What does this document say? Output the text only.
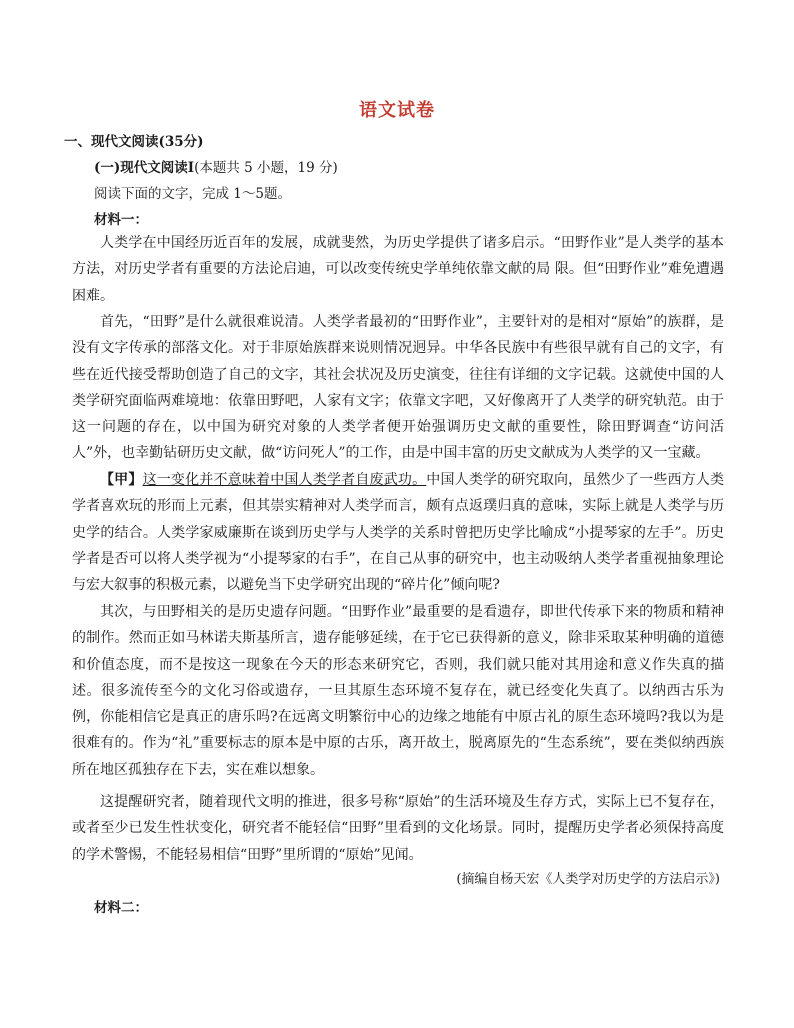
语文试卷
一、现代文阅读(35分)
(一)现代文阅读Ⅰ(本题共 5 小题，19 分)
阅读下面的文字，完成 1～5题。
材料一：

人类学在中国经历近百年的发展，成就斐然，为历史学提供了诸多启示。“田野作业”是人类学的基本方法，对历史学者有重要的方法论启迪，可以改变传统史学单纯依靠文献的局 限。但“田野作业”难免遭遇困难。

首先，“田野”是什么就很难说清。人类学者最初的“田野作业”，主要针对的是相对“原始”的族群，是没有文字传承的部落文化。对于非原始族群来说则情况迥异。中华各民族中有些很早就有自己的文字，有些在近代接受帮助创造了自己的文字，其社会状况及历史演变，往往有详细的文字记载。这就使中国的人类学研究面临两难境地：依靠田野吧，人家有文字；依靠文字吧，又好像离开了人类学的研究轨范。由于这一问题的存在，以中国为研究对象的人类学者便开始强调历史文献的重要性，除田野调查“访问活人”外，也幸勤钻研历史文献，做“访问死人”的工作，由是中国丰富的历史文献成为人类学的又一宝藏。

【甲】这一变化并不意味着中国人类学者自废武功。中国人类学的研究取向，虽然少了一些西方人类学者喜欢玩的形而上元素，但其崇实精神对人类学而言，颇有点返璞归真的意味，实际上就是人类学与历史学的结合。人类学家威廉斯在谈到历史学与人类学的关系时曾把历史学比喻成“小提琴家的左手”。历史学者是否可以将人类学视为“小提琴家的右手”，在自己从事的研究中，也主动吸纳人类学者重视抽象理论与宏大叙事的积极元素，以避免当下史学研究出现的“碎片化”倾向呢?

其次，与田野相关的是历史遗存问题。“田野作业”最重要的是看遗存，即世代传承下来的物质和精神的制作。然而正如马林诺夫斯基所言，遗存能够延续，在于它已获得新的意义，除非采取某种明确的道德和价值态度，而不是按这一现象在今天的形态来研究它，否则，我们就只能对其用途和意义作失真的描述。很多流传至今的文化习俗或遗存，一旦其原生态环境不复存在，就已经变化失真了。以纳西古乐为例，你能相信它是真正的唐乐吗?在远离文明繁衍中心的边缘之地能有中原古礼的原生态环境吗?我以为是很难有的。作为“礼”重要标志的原本是中原的古乐，离开故土，脱离原先的“生态系统”，要在类似纳西族所在地区孤独存在下去，实在难以想象。

这提醒研究者，随着现代文明的推进，很多号称“原始”的生活环境及生存方式，实际上已不复存在，或者至少已发生性状变化，研究者不能轻信“田野”里看到的文化场景。同时，提醒历史学者必须保持高度的学术警惕，不能轻易相信“田野”里所谓的“原始”见闻。

(摘编自杨天宏《人类学对历史学的方法启示》)
材料二：
